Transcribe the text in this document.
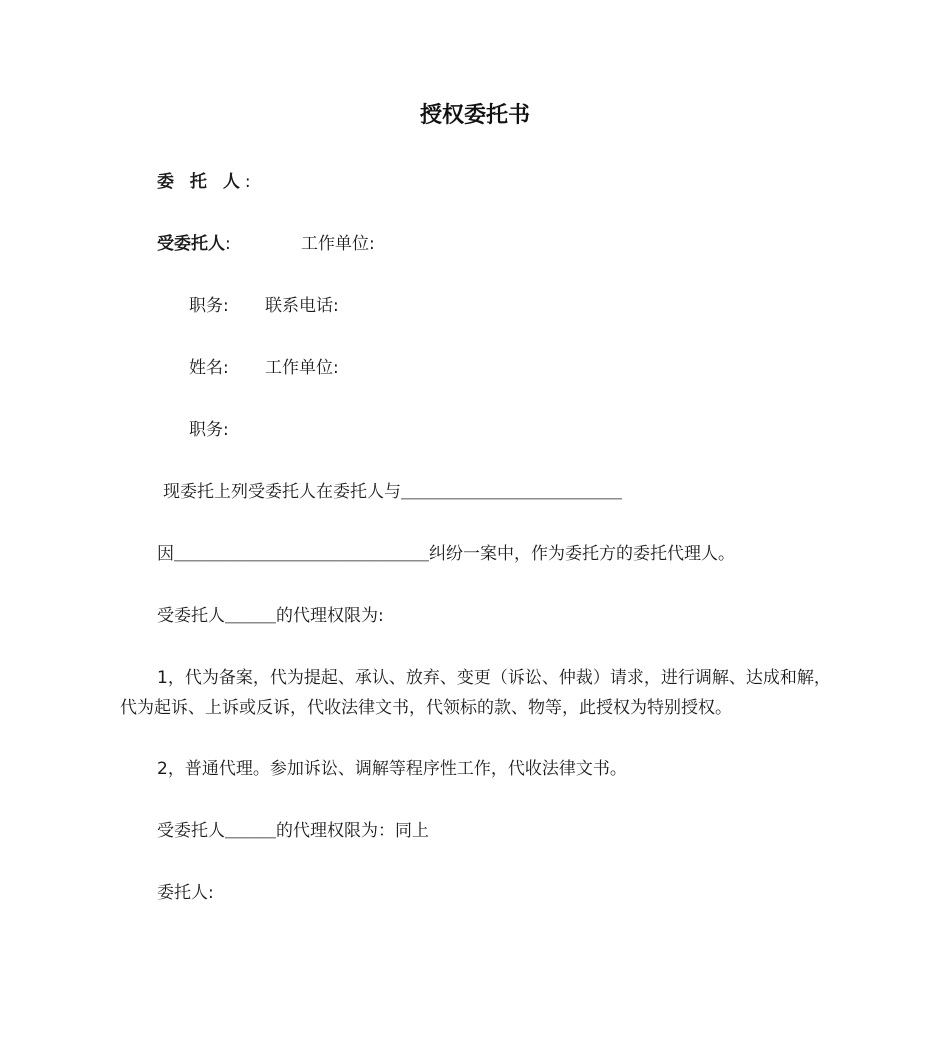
授权委托书
委 托 人:
受委托人:	工作单位:
职务: 联系电话:
姓名: 工作单位:
职务:
现委托上列受委托人在委托人与＿＿＿＿＿＿＿＿＿＿＿＿＿
因＿＿＿＿＿＿＿＿＿＿＿＿＿＿＿纠纷一案中，作为委托方的委托代理人。
受委托人＿＿＿的代理权限为:
1，代为备案，代为提起、承认、放弃、变更（诉讼、仲裁）请求，进行调解、达成和解，代为起诉、上诉或反诉，代收法律文书，代领标的款、物等，此授权为特别授权。
2，普通代理。参加诉讼、调解等程序性工作，代收法律文书。
受委托人＿＿＿的代理权限为：同上
委托人:
